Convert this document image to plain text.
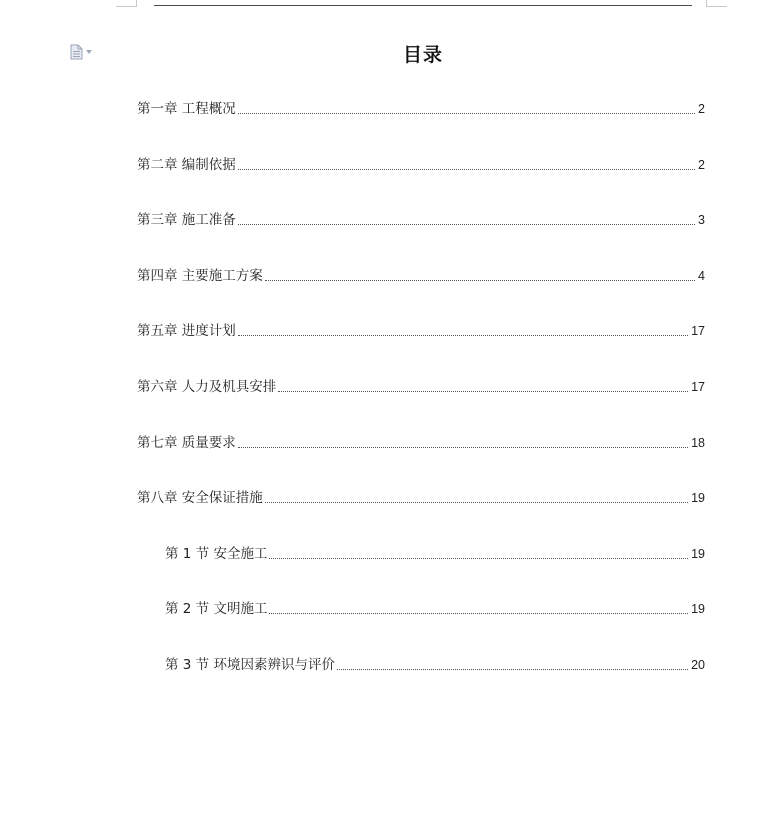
目录
第一章 工程概况	2
第二章 编制依据	2
第三章 施工准备	3
第四章 主要施工方案	4
第五章 进度计划	17
第六章 人力及机具安排	17
第七章 质量要求	18
第八章 安全保证措施	19
第 1 节 安全施工	19
第 2 节 文明施工	19
第 3 节 环境因素辨识与评价	20
